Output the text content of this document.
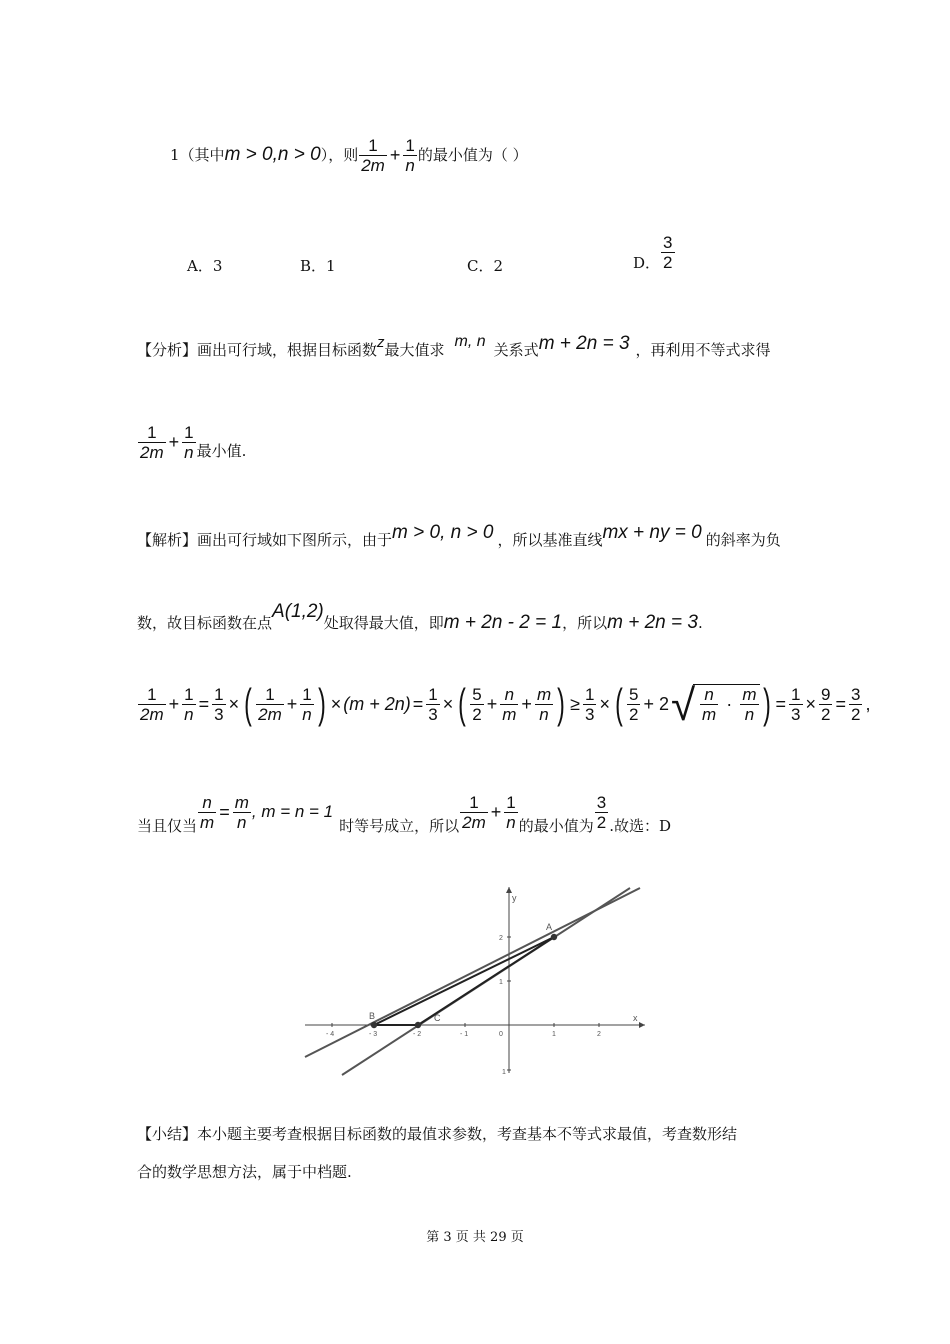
1 （其中 m > 0,n > 0 ），则 $\frac{1}{2m} + \frac{1}{n}$ 的最小值为（ ）
A．3	B．1	C．2	D． $\frac{3}{2}$
【分析】 画出可行域，根据目标函数 z 最大值求 m, n 关系式 m + 2n = 3 ，再利用不等式求得
$\frac{1}{2m} + \frac{1}{n}$ 最小值.
【解析】 画出可行域如下图所示，由于 m > 0, n > 0 ，所以基准直线 mx + ny = 0 的斜率为负
数，故目标函数在点
A(1,2)
处取得最大值，即 m + 2n - 2 = 1 ，所以 m + 2n = 3 .
$\frac{1}{2m} + \frac{1}{n} = \frac{1}{3}$ × ( $\frac{1}{2m} + \frac{1}{n}$ ) × $(m + 2n) = \frac{1}{3}$ × ( $\frac{5}{2} + \frac{n}{m} + \frac{m}{n}$ ) ≥ $\frac{1}{3}$ × ( $\frac{5}{2} + 2$ √ $\frac{n}{m} \cdot \frac{m}{n}$ ) = $\frac{1}{3} \times \frac{9}{2} = \frac{3}{2}$ ,
当且仅当 $\frac{n}{m} = \frac{m}{n}$ , m = n = 1
时等号成立，所以 $\frac{1}{2m} + \frac{1}{n}$ 的最小值为 $\frac{3}{2}$ .故选：D
y
x
A
B	C
- 4	- 3	- 2	- 1	0	1	2
2
1
1
【小结】本小题主要考查根据目标函数的最值求参数，考查基本不等式求最值，考查数形结
合的数学思想方法，属于中档题.
第 3 页 共 29 页
